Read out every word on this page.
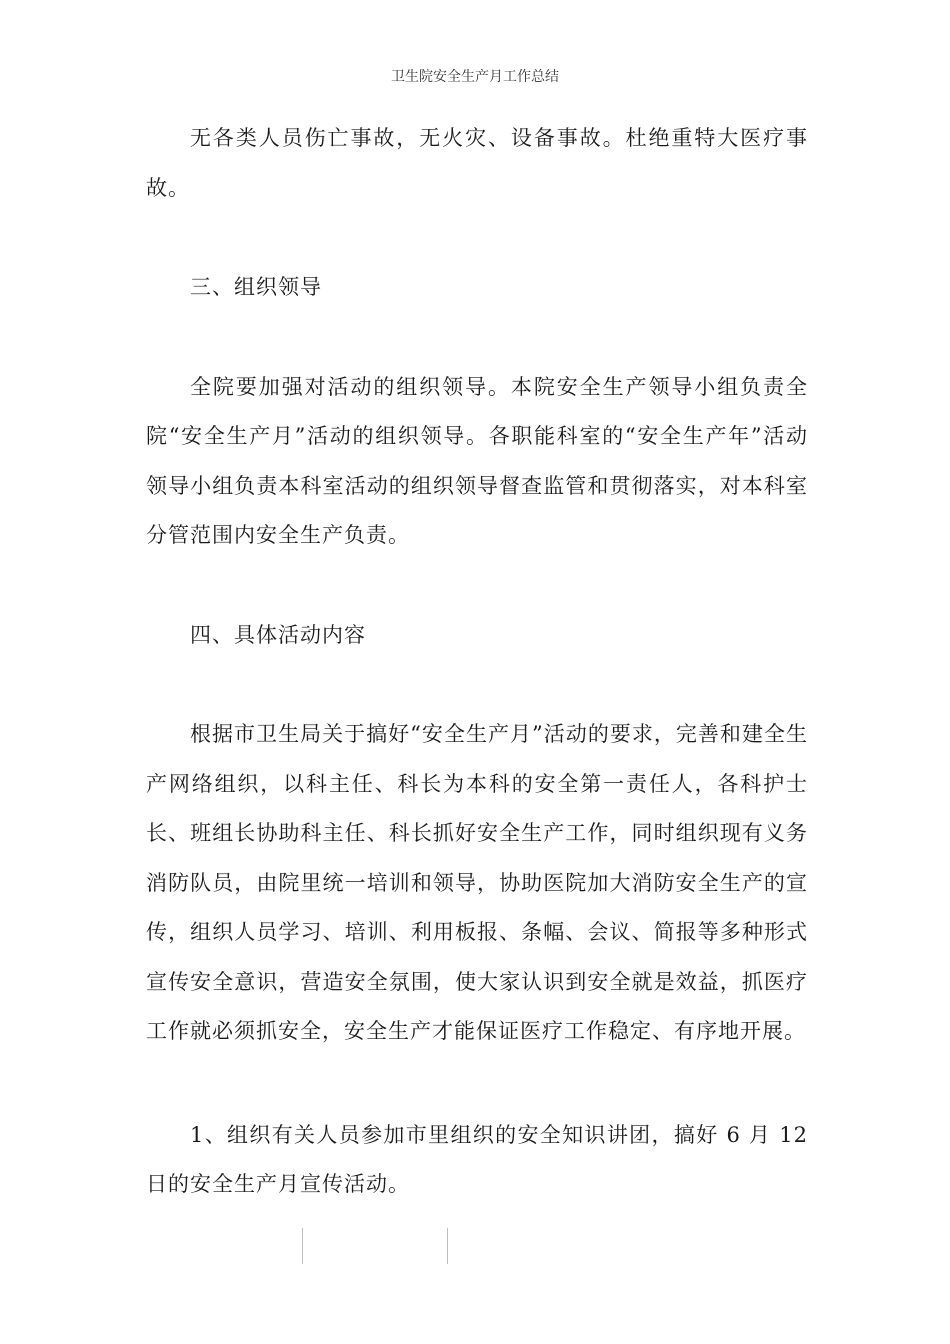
卫生院安全生产月工作总结

无各类人员伤亡事故，无火灾、设备事故。杜绝重特大医疗事故。

三、组织领导

全院要加强对活动的组织领导。本院安全生产领导小组负责全院“安全生产月”活动的组织领导。各职能科室的“安全生产年”活动领导小组负责本科室活动的组织领导督查监管和贯彻落实，对本科室分管范围内安全生产负责。

四、具体活动内容

根据市卫生局关于搞好“安全生产月”活动的要求，完善和建全生产网络组织，以科主任、科长为本科的安全第一责任人，各科护士长、班组长协助科主任、科长抓好安全生产工作，同时组织现有义务消防队员，由院里统一培训和领导，协助医院加大消防安全生产的宣传，组织人员学习、培训、利用板报、条幅、会议、简报等多种形式宣传安全意识，营造安全氛围，使大家认识到安全就是效益，抓医疗工作就必须抓安全，安全生产才能保证医疗工作稳定、有序地开展。

1、组织有关人员参加市里组织的安全知识讲团，搞好 6 月 12 日的安全生产月宣传活动。
